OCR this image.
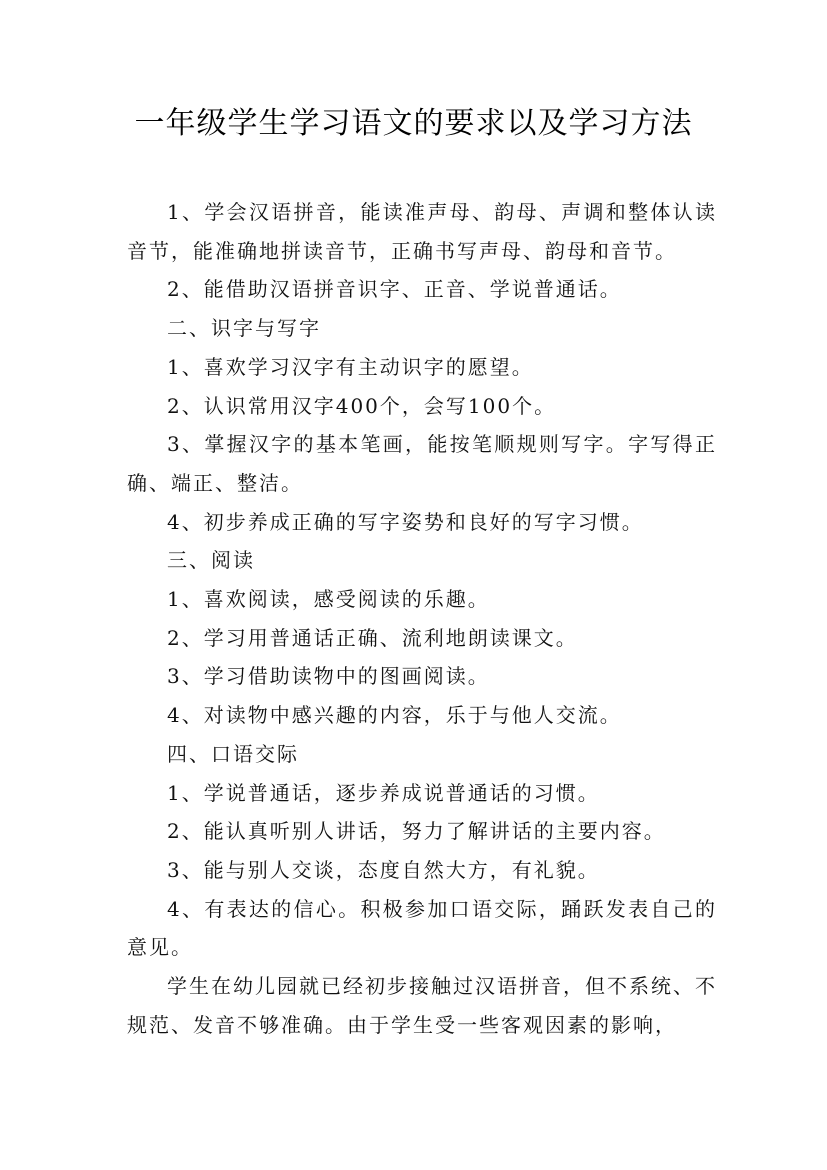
一年级学生学习语文的要求以及学习方法

1、学会汉语拼音，能读准声母、韵母、声调和整体认读音节，能准确地拼读音节，正确书写声母、韵母和音节。

2、能借助汉语拼音识字、正音、学说普通话。

二、识字与写字

1、喜欢学习汉字有主动识字的愿望。

2、认识常用汉字400个，会写100个。

3、掌握汉字的基本笔画，能按笔顺规则写字。字写得正确、端正、整洁。

4、初步养成正确的写字姿势和良好的写字习惯。

三、阅读

1、喜欢阅读，感受阅读的乐趣。

2、学习用普通话正确、流利地朗读课文。

3、学习借助读物中的图画阅读。

4、对读物中感兴趣的内容，乐于与他人交流。

四、口语交际

1、学说普通话，逐步养成说普通话的习惯。

2、能认真听别人讲话，努力了解讲话的主要内容。

3、能与别人交谈，态度自然大方，有礼貌。

4、有表达的信心。积极参加口语交际，踊跃发表自己的意见。

学生在幼儿园就已经初步接触过汉语拼音，但不系统、不规范、发音不够准确。由于学生受一些客观因素的影响，
